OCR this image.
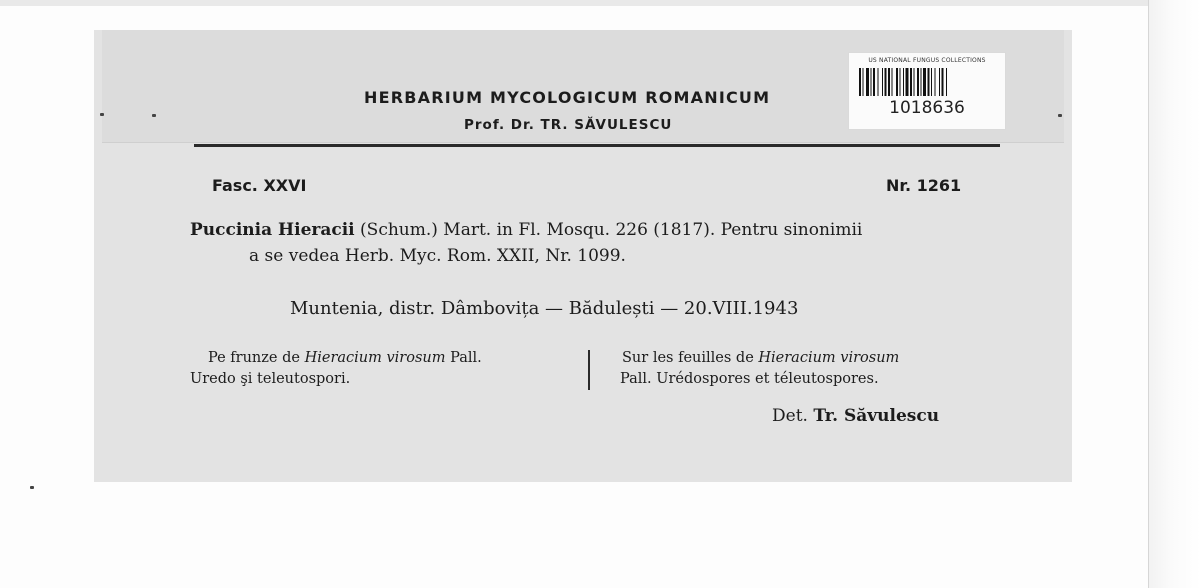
HERBARIUM MYCOLOGICUM ROMANICUM
Prof. Dr. TR. SĂVULESCU
Fasc. XXVI	Nr. 1261
Puccinia Hieracii (Schum.) Mart. in Fl. Mosqu. 226 (1817). Pentru sinonimii
a se vedea Herb. Myc. Rom. XXII, Nr. 1099.
Muntenia, distr. Dâmbovița — Bădulești — 20.VIII.1943
Pe frunze de Hieracium virosum Pall.
Uredo şi teleutospori.
Sur les feuilles de Hieracium virosum
Pall. Urédospores et téleutospores.
Det. Tr. Săvulescu
US NATIONAL FUNGUS COLLECTIONS
1018636
